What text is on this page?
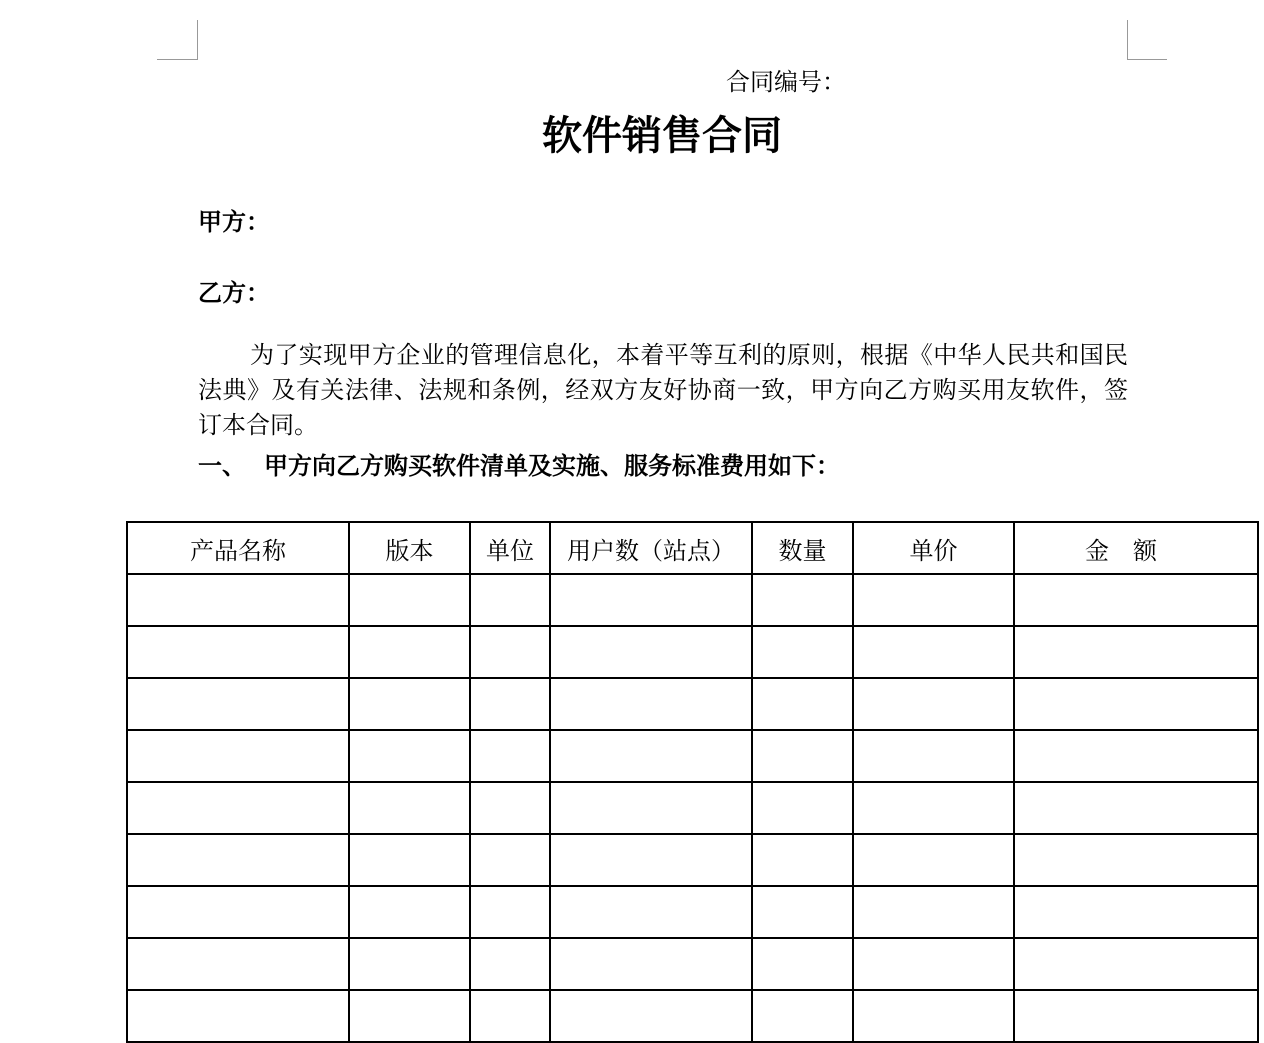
合同编号：
软件销售合同
甲方：
乙方：
为了实现甲方企业的管理信息化，本着平等互利的原则，根据《中华人民共和国民法典》及有关法律、法规和条例，经双方友好协商一致，甲方向乙方购买用友软件，签订本合同。
一、 甲方向乙方购买软件清单及实施、服务标准费用如下：
产品名称	版本	单位	用户数（站点）	数量	单价	金　额
